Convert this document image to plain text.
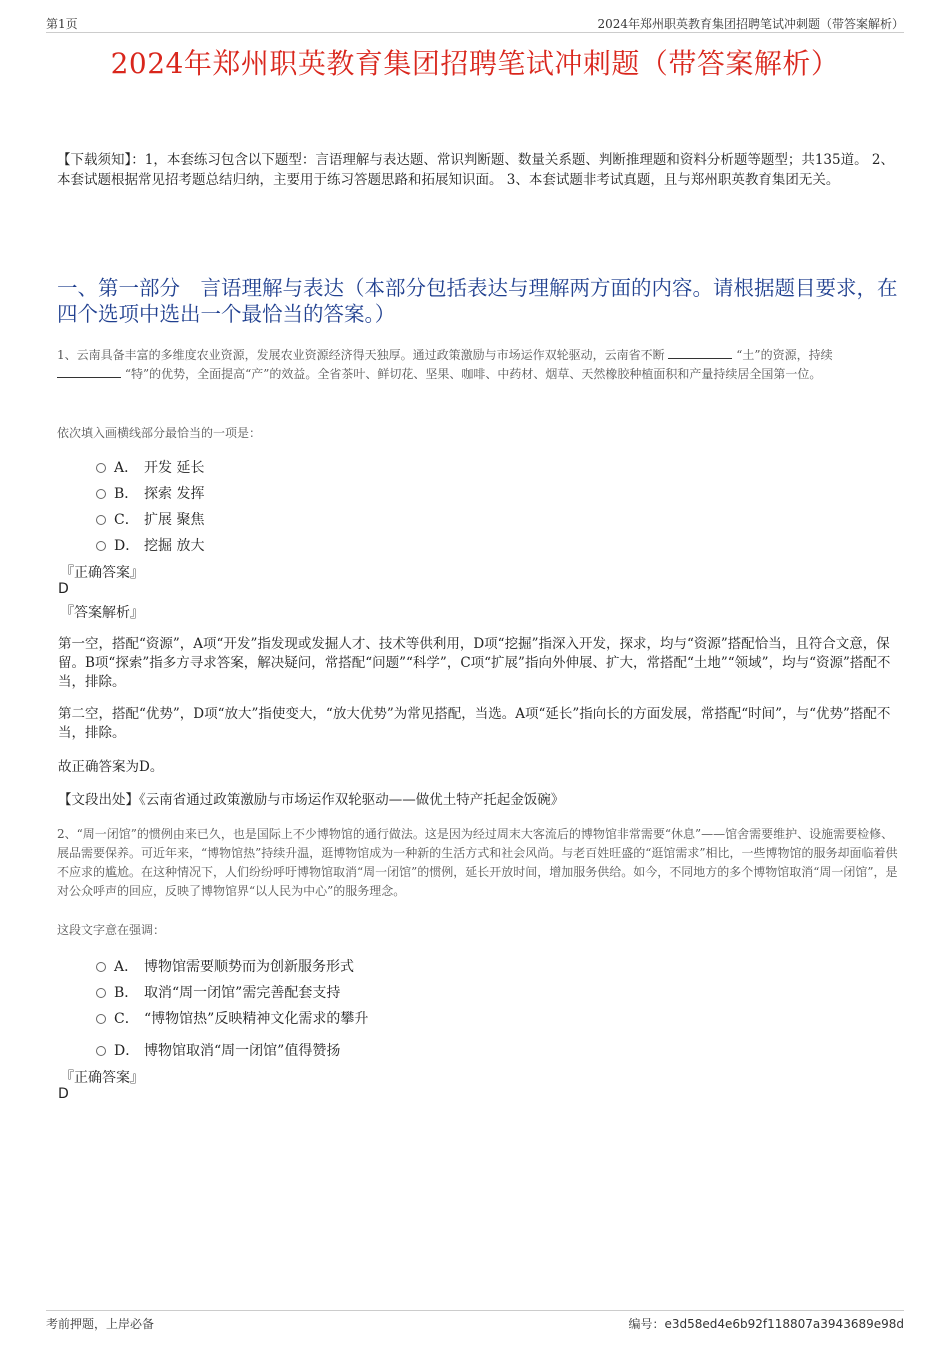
第1页	2024年郑州职英教育集团招聘笔试冲刺题（带答案解析）
2024年郑州职英教育集团招聘笔试冲刺题（带答案解析）
【下载须知】：1，本套练习包含以下题型：言语理解与表达题、常识判断题、数量关系题、判断推理题和资料分析题等题型；共135道。 2、本套试题根据常见招考题总结归纳，主要用于练习答题思路和拓展知识面。 3、本套试题非考试真题，且与郑州职英教育集团无关。
一、第一部分　言语理解与表达（本部分包括表达与理解两方面的内容。请根据题目要求，在四个选项中选出一个最恰当的答案。）
1、云南具备丰富的多维度农业资源，发展农业资源经济得天独厚。通过政策激励与市场运作双轮驱动，云南省不断	“土”的资源，持续  “特”的优势，全面提高“产”的效益。全省茶叶、鲜切花、坚果、咖啡、中药材、烟草、天然橡胶种植面积和产量持续居全国第一位。
依次填入画横线部分最恰当的一项是：
A． 开发 延长
B． 探索 发挥
C． 扩展 聚焦
D． 挖掘 放大
『正确答案』
D
『答案解析』
第一空，搭配“资源”，A项“开发”指发现或发掘人才、技术等供利用，D项“挖掘”指深入开发，探求，均与“资源”搭配恰当，且符合文意，保留。B项“探索”指多方寻求答案，解决疑问，常搭配“问题”“科学”，C项“扩展”指向外伸展、扩大，常搭配“土地”“领域”，均与“资源”搭配不当，排除。
第二空，搭配“优势”，D项“放大”指使变大，“放大优势”为常见搭配，当选。A项“延长”指向长的方面发展，常搭配“时间”，与“优势”搭配不当，排除。
故正确答案为D。
【文段出处】《云南省通过政策激励与市场运作双轮驱动——做优土特产托起金饭碗》
2、“周一闭馆”的惯例由来已久，也是国际上不少博物馆的通行做法。这是因为经过周末大客流后的博物馆非常需要“休息”——馆舍需要维护、设施需要检修、展品需要保养。可近年来，“博物馆热”持续升温，逛博物馆成为一种新的生活方式和社会风尚。与老百姓旺盛的“逛馆需求”相比，一些博物馆的服务却面临着供不应求的尴尬。在这种情况下，人们纷纷呼吁博物馆取消“周一闭馆”的惯例，延长开放时间，增加服务供给。如今，不同地方的多个博物馆取消“周一闭馆”，是对公众呼声的回应，反映了博物馆界“以人民为中心”的服务理念。
这段文字意在强调：
A． 博物馆需要顺势而为创新服务形式
B． 取消“周一闭馆”需完善配套支持
C． “博物馆热”反映精神文化需求的攀升
D． 博物馆取消“周一闭馆”值得赞扬
『正确答案』
D
考前押题，上岸必备	编号：e3d58ed4e6b92f118807a3943689e98d
